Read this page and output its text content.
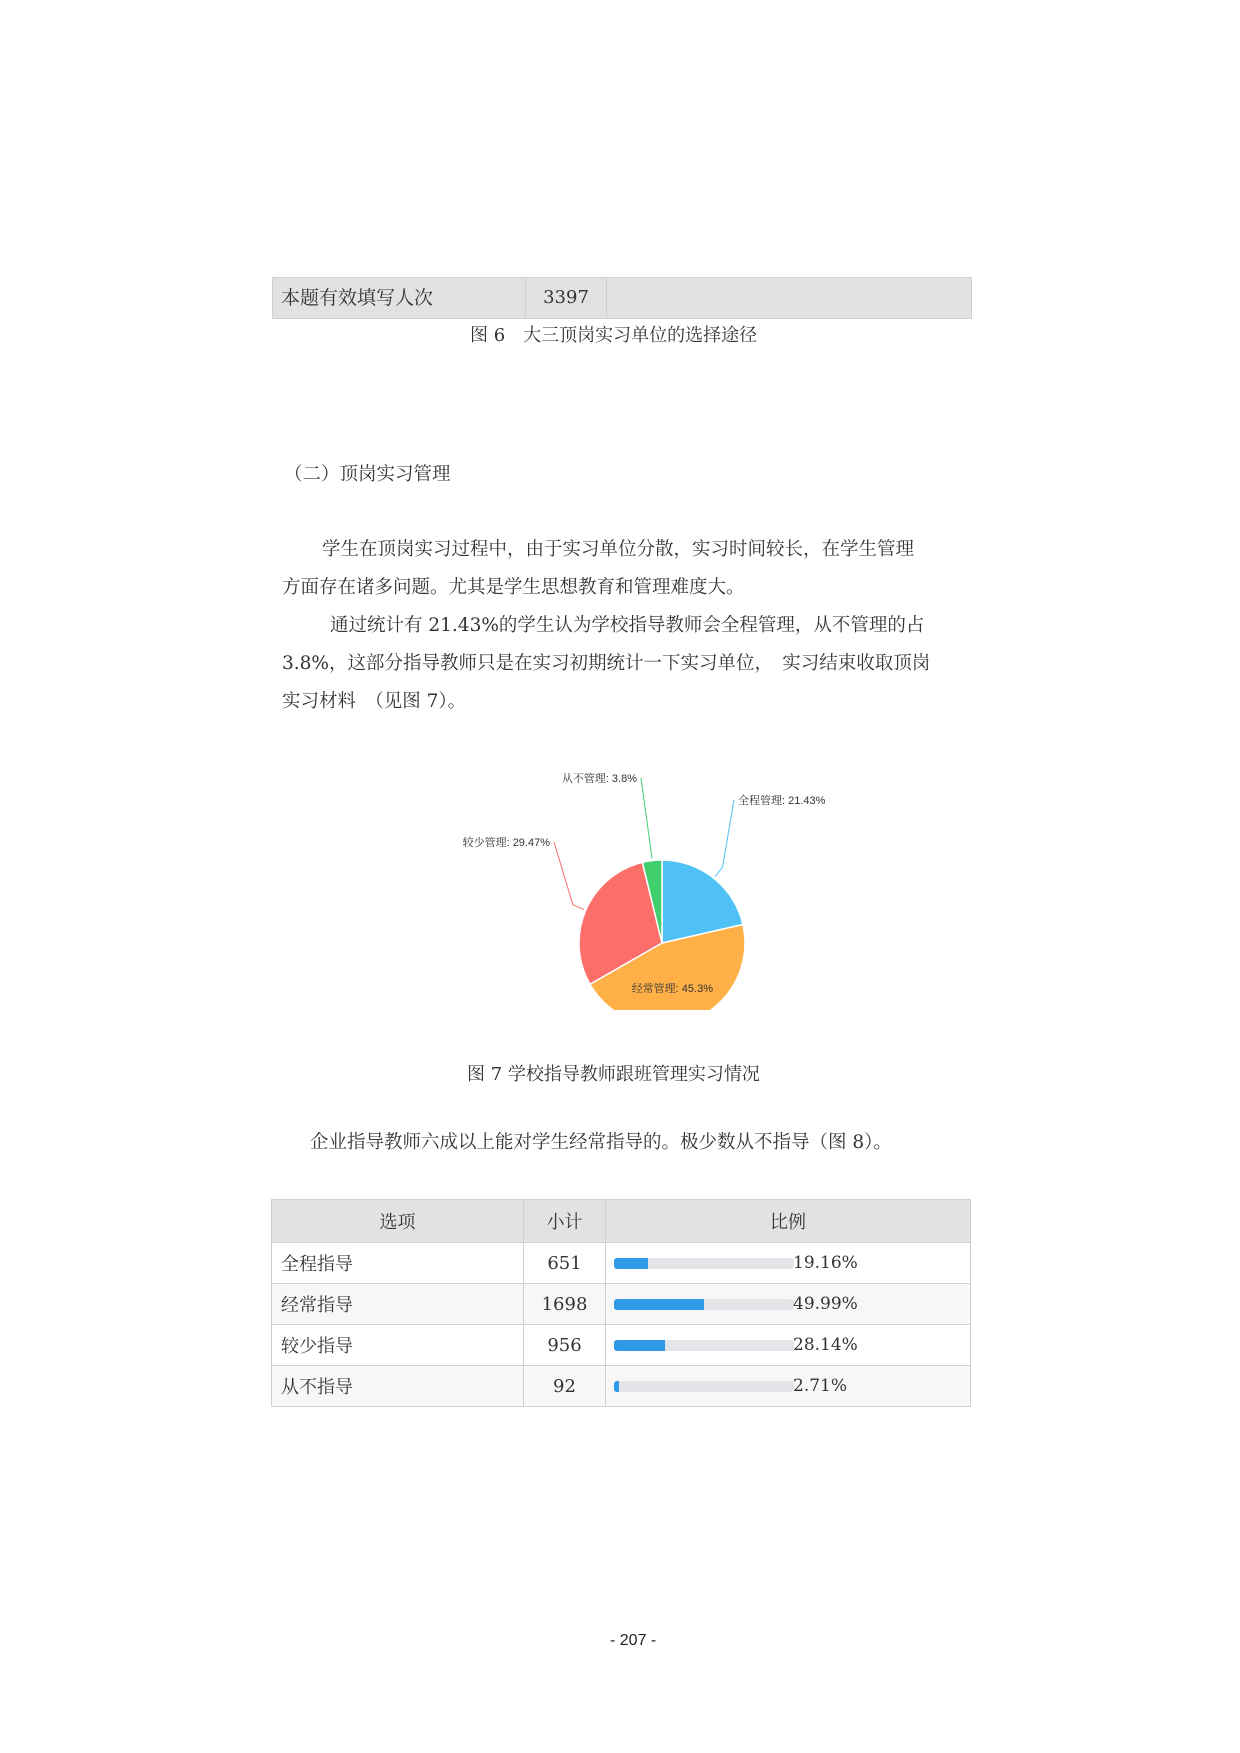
本题有效填写人次	3397
图 6　大三顶岗实习单位的选择途径
（二）顶岗实习管理
学生在顶岗实习过程中，由于实习单位分散，实习时间较长，在学生管理
方面存在诸多问题。尤其是学生思想教育和管理难度大。
通过统计有 21.43%的学生认为学校指导教师会全程管理，从不管理的占
3.8%，这部分指导教师只是在实习初期统计一下实习单位，　实习结束收取顶岗
实习材料　（见图 7）。
全程管理: 21.43%
经常管理: 45.3%
较少管理: 29.47%
从不管理: 3.8%
图 7 学校指导教师跟班管理实习情况
企业指导教师六成以上能对学生经常指导的。极少数从不指导（图 8）。
选项	小计	比例
全程指导	651	19.16%

经常指导	1698	49.99%

较少指导	956	28.14%

从不指导	92	2.71%
- 207 -
